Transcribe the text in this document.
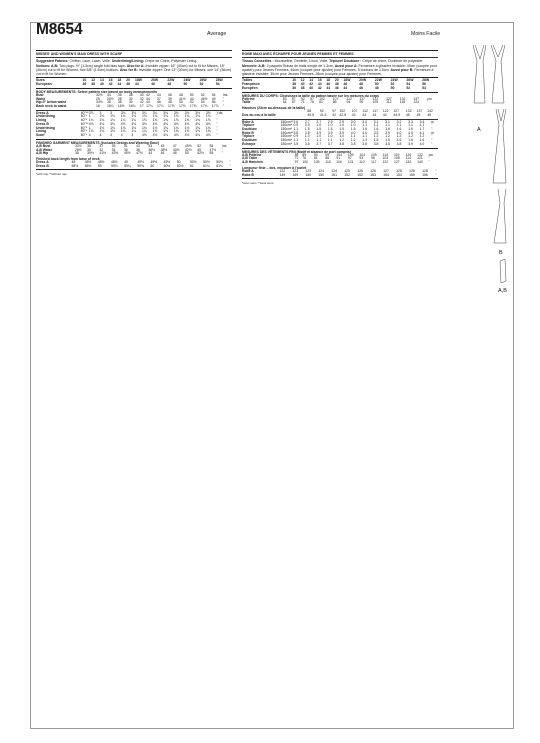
M8654	Average	Moins Facile
MISSES' AND WOMEN'S MAXI DRESS WITH SCARF
Suggested Fabrics: Chiffon, Lace, Lawn, Voile. Underlining/Lining: Crepe de Chine, Polyester Lining.
Notions: A,B: Two pkgs. ½" (1.3cm) single fold bias tape. Also for A: Invisible zipper: 16" (40cm) cut to fit for Misses, 18" (46cm) cut to fit for Women, five 5/8" (1.5cm) buttons. Also for B: Invisible zipper: One 12" (30cm) for Misses, one 14" (36cm) cut to fit for Women.
Sizes		10	12	14	16	18	20	18W	20W	22W	24W	26W	28W	
European		36	38	40	42	44	46	44	46	48	50	52	54	
BODY MEASUREMENTS: Select pattern size based on body measurements
Bust		32½	34	36	38	40	42	44	46	48	50	52	54	Ins.
Waist		25	26½	28	30	32	34	37	39	41½	44	46½	49	"
Hip-9" below waist		34½	36	38	40	42	44	46	48	50	52	54	56	"
Back neck to waist		16	16¼	16½	16¾	17	17¼	17¼	17⅜	17½	17⅝	17¾	17⅞	"
Dress A	60"**	3⅞	3	3	3⅛	3⅛	3¼	3¼	3⅜	3⅜	3½	3½	3⅝	Yds.
Underlining	60"*	1	1⅛	1⅛	1⅛	1⅛	1⅛	1⅛	1⅛	1⅛	1⅛	1⅛	1⅛	"
Lining	60"*	1⅛	1⅛	1⅛	1¼	1¼	1⅜	1⅜	1⅜	1⅜	1⅜	1⅜	1⅜	"
Dress B	60"**	4⅛	4⅛	4⅛	4⅛	4⅛	4⅛	4⅛	4⅛	4⅛	4⅛	4⅛	4⅛	"
Underlining	60"*	1	1⅛	1⅛	1⅛	1⅛	1⅛	1⅛	1⅛	1⅛	1⅛	1⅛	1⅛	"
Lining	60"*	1⅛	1⅛	1⅛	1⅛	1¼	1¼	1⅜	1⅜	1⅜	1⅜	1⅜	1⅜	"
Scarf	60"*	4	4	4	4	4	4⅛	4⅛	4⅛	4⅛	4⅛	4⅛	4⅛	"
FINISHED GARMENT MEASUREMENTS (Includes Design and Wearing Ease)
A,B Bust		33½	35	37	39	41	43	43	45	47	49½	52	55	Ins.
A,B Waist		28½	30	32	34	36	38	36½	38½	40½	42½	45	47½	"
A,B Hip		38	39½	41½	43½	45½	47½	44	46	48	50	52½	55	"
Finished back length from base of neck
Dress A		48	48½	48½	48½	49	49½	49½	49½	50	50½	50½	50½	"
Dress B		58½	58⅝	59	59⅛	59¼	59⅝	60	60½	60½	61	61¼	61¼	"
*with nap **without nap
ROBE MAXI AVEC ÉCHARPE POUR JEUNES FEMMES ET FEMMES
Tissus Conseillés : Mousseline, Dentelle, Linon, Voile. Triplure/ Doublure : Crêpe de chine, Doublure de polyester.
Mercerie: A,B: 2 paquets Ruban de biais simple de 1.3cm. Aussi pour A: Fermeture à glissière invisible: 40cm (coupée pour ajuster) pour Jeunes Femmes, 46cm (coupée pour ajuster) pour Femmes, 5 boutons de 1.5cm. Aussi pour B: Fermeture à glissière invisible: 30cm pour Jeunes Femmes, 36cm (coupée pour ajuster) pour Femmes.
Tailles		10	12	14	16	18	20	18W	20W	22W	24W	26W	28W	
Françaises		38	40	42	44	46	48	46	48	50	52	54	56	
Européen		36	38	40	42	44	46	44	46	48	50	52	54	
MESURES DU CORPS: Choisissez la taille du patron basée sur les mesures du corps
Poitrine		83	87	92	97	102	107	112	117	122	127	132	137	cm
Taille		64	67	71	76	81	86	94	99	105	112	118	124	"
Hanches (23cm au-dessous de la taille)
	88	92	97	102	107	112	117	122	127	132	137	142	
Dos du cou à la taille	40.5	41.5	42	42.5	43	44	44	44	44.5	45	45	45	
Robe A	150cm**	2.6	2.7	2.7	2.9	2.9	3.0	3.0	3.1	3.1	3.2	3.3	3.4	m
Triplure	150cm*	0.9	0.9	1.0	1.0	1.0	1.0	1.1	1.1	1.1	1.1	1.1	1.1	"
Doublure	150cm*	1.1	1.5	1.5	1.5	1.5	1.6	1.6	1.6	1.6	1.6	1.6	1.7	"
Robe B	150cm**	3.8	3.8	3.9	3.9	3.9	4.0	4.0	3.9	3.9	4.0	4.0	4.1	m
Triplure	150cm*	0.9	1.0	1.0	1.0	1.0	1.1	1.1	1.2	1.2	1.2	1.2	1.2	"
Doublure	150cm*	1.1	1.1	1.1	1.1	1.2	1.2	1.3	1.5	1.5	1.6	1.6	1.6	"
Écharpe	150cm*	3.5	3.5	3.7	3.7	3.8	3.8	3.8	3.8	3.8	3.8	3.9	4.0	"
MESURES DES VÊTEMENTS FINI (Motif et aisance de port compris)
A,B Poitrine		85	89	94	99	104	109	104	109	114	119	126	132	cm
A,B Taille		72	76	81	86	91	97	93	98	103	108	114	121	"
A,B Hanches		97	100	105	110	116	121	112	117	122	127	133	140	"
Longueur finie – dos, encolure à l'ourlet
Robe A		122	123	123	124	124	125	126	126	127	128	128	128	"
Robe B		149	149	150	150	151	152	152	153	154	154	155	156	"
*avec sens **sans sens
A
B
A,B
